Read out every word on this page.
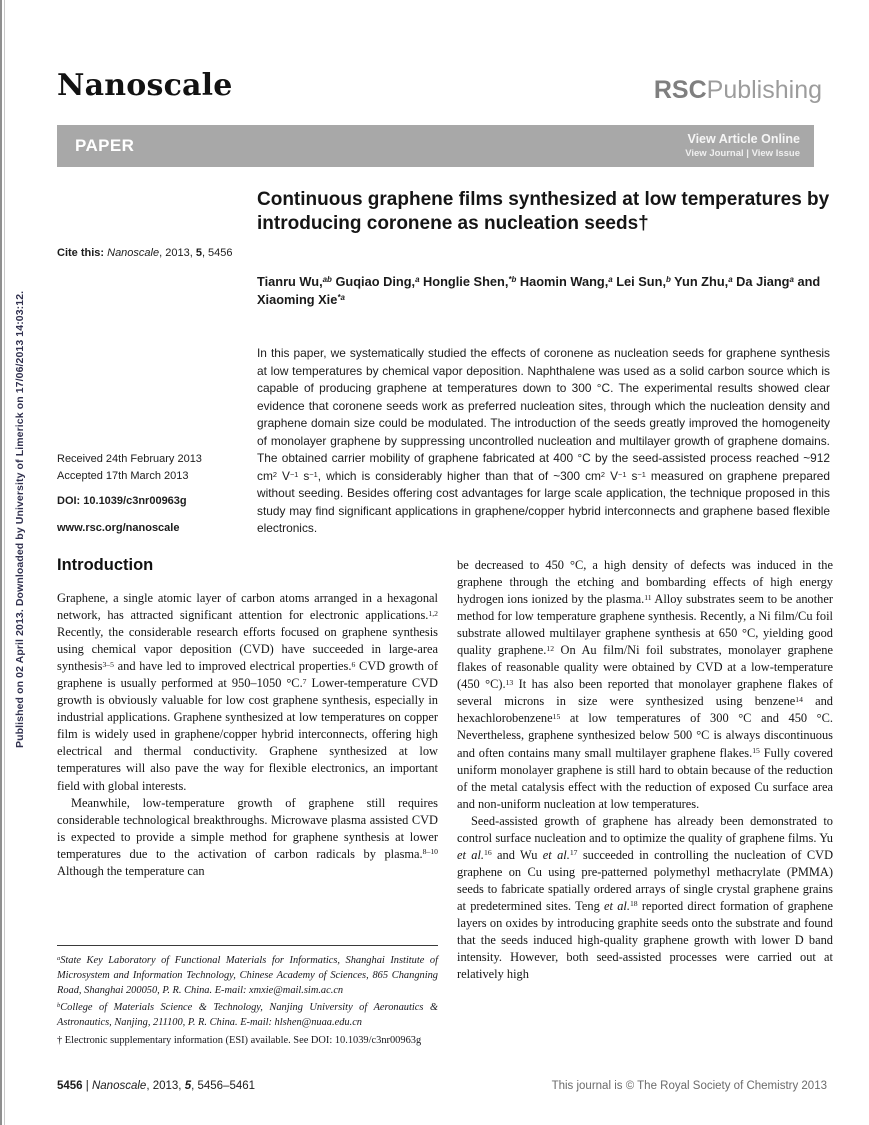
Published on 02 April 2013. Downloaded by University of Limerick on 17/06/2013 14:03:12.
Nanoscale	RSCPublishing
PAPER	View Article Online
View Journal | View Issue
Cite this: Nanoscale, 2013, 5, 5456
Continuous graphene films synthesized at low temperatures by introducing coronene as nucleation seeds†
Tianru Wu,$^{ab}$ Guqiao Ding,$^a$ Honglie Shen,$^{*b}$ Haomin Wang,$^a$ Lei Sun,$^b$ Yun Zhu,$^a$ Da Jiang$^a$ and Xiaoming Xie$^{*a}$
Received 24th February 2013
Accepted 17th March 2013
DOI: 10.1039/c3nr00963g
www.rsc.org/nanoscale
In this paper, we systematically studied the effects of coronene as nucleation seeds for graphene synthesis at low temperatures by chemical vapor deposition. Naphthalene was used as a solid carbon source which is capable of producing graphene at temperatures down to 300 °C. The experimental results showed clear evidence that coronene seeds work as preferred nucleation sites, through which the nucleation density and graphene domain size could be modulated. The introduction of the seeds greatly improved the homogeneity of monolayer graphene by suppressing uncontrolled nucleation and multilayer growth of graphene domains. The obtained carrier mobility of graphene fabricated at 400 °C by the seed-assisted process reached ~912 $cm^2$ $V^{-1}$ $s^{-1}$, which is considerably higher than that of ~300 $cm^2$ $V^{-1}$ $s^{-1}$ measured on graphene prepared without seeding. Besides offering cost advantages for large scale application, the technique proposed in this study may find significant applications in graphene/copper hybrid interconnects and graphene based flexible electronics.
Introduction

Graphene, a single atomic layer of carbon atoms arranged in a hexagonal network, has attracted significant attention for electronic applications.$^{1,2}$ Recently, the considerable research efforts focused on graphene synthesis using chemical vapor deposition (CVD) have succeeded in large-area synthesis$^{3-5}$ and have led to improved electrical properties.$^6$ CVD growth of graphene is usually performed at 950–1050 °C.$^7$ Lower-temperature CVD growth is obviously valuable for low cost graphene synthesis, especially in industrial applications. Graphene synthesized at low temperatures on copper film is widely used in graphene/copper hybrid interconnects, offering high electrical and thermal conductivity. Graphene synthesized at low temperatures will also pave the way for flexible electronics, an important field with global interests.

Meanwhile, low-temperature growth of graphene still requires considerable technological breakthroughs. Microwave plasma assisted CVD is expected to provide a simple method for graphene synthesis at lower temperatures due to the activation of carbon radicals by plasma.$^{8-10}$ Although the temperature can

be decreased to 450 °C, a high density of defects was induced in the graphene through the etching and bombarding effects of high energy hydrogen ions ionized by the plasma.$^{11}$ Alloy substrates seem to be another method for low temperature graphene synthesis. Recently, a Ni film/Cu foil substrate allowed multilayer graphene synthesis at 650 °C, yielding good quality graphene.$^{12}$ On Au film/Ni foil substrates, monolayer graphene flakes of reasonable quality were obtained by CVD at a low-temperature (450 °C).$^{13}$ It has also been reported that monolayer graphene flakes of several microns in size were synthesized using benzene$^{14}$ and hexachlorobenzene$^{15}$ at low temperatures of 300 °C and 450 °C. Nevertheless, graphene synthesized below 500 °C is always discontinuous and often contains many small multilayer graphene flakes.$^{15}$ Fully covered uniform monolayer graphene is still hard to obtain because of the reduction of the metal catalysis effect with the reduction of exposed Cu surface area and non-uniform nucleation at low temperatures.

Seed-assisted growth of graphene has already been demonstrated to control surface nucleation and to optimize the quality of graphene films. Yu et al.$^{16}$ and Wu et al.$^{17}$ succeeded in controlling the nucleation of CVD graphene on Cu using pre-patterned polymethyl methacrylate (PMMA) seeds to fabricate spatially ordered arrays of single crystal graphene grains at predetermined sites. Teng et al.$^{18}$ reported direct formation of graphene layers on oxides by introducing graphite seeds onto the substrate and found that the seeds induced high-quality graphene growth with lower D band intensity. However, both seed-assisted processes were carried out at relatively high

$^a$State Key Laboratory of Functional Materials for Informatics, Shanghai Institute of Microsystem and Information Technology, Chinese Academy of Sciences, 865 Changning Road, Shanghai 200050, P. R. China. E-mail: xmxie@mail.sim.ac.cn

$^b$College of Materials Science & Technology, Nanjing University of Aeronautics & Astronautics, Nanjing, 211100, P. R. China. E-mail: hlshen@nuaa.edu.cn

† Electronic supplementary information (ESI) available. See DOI: 10.1039/c3nr00963g

5456 | Nanoscale, 2013, 5, 5456–5461	This journal is © The Royal Society of Chemistry 2013
